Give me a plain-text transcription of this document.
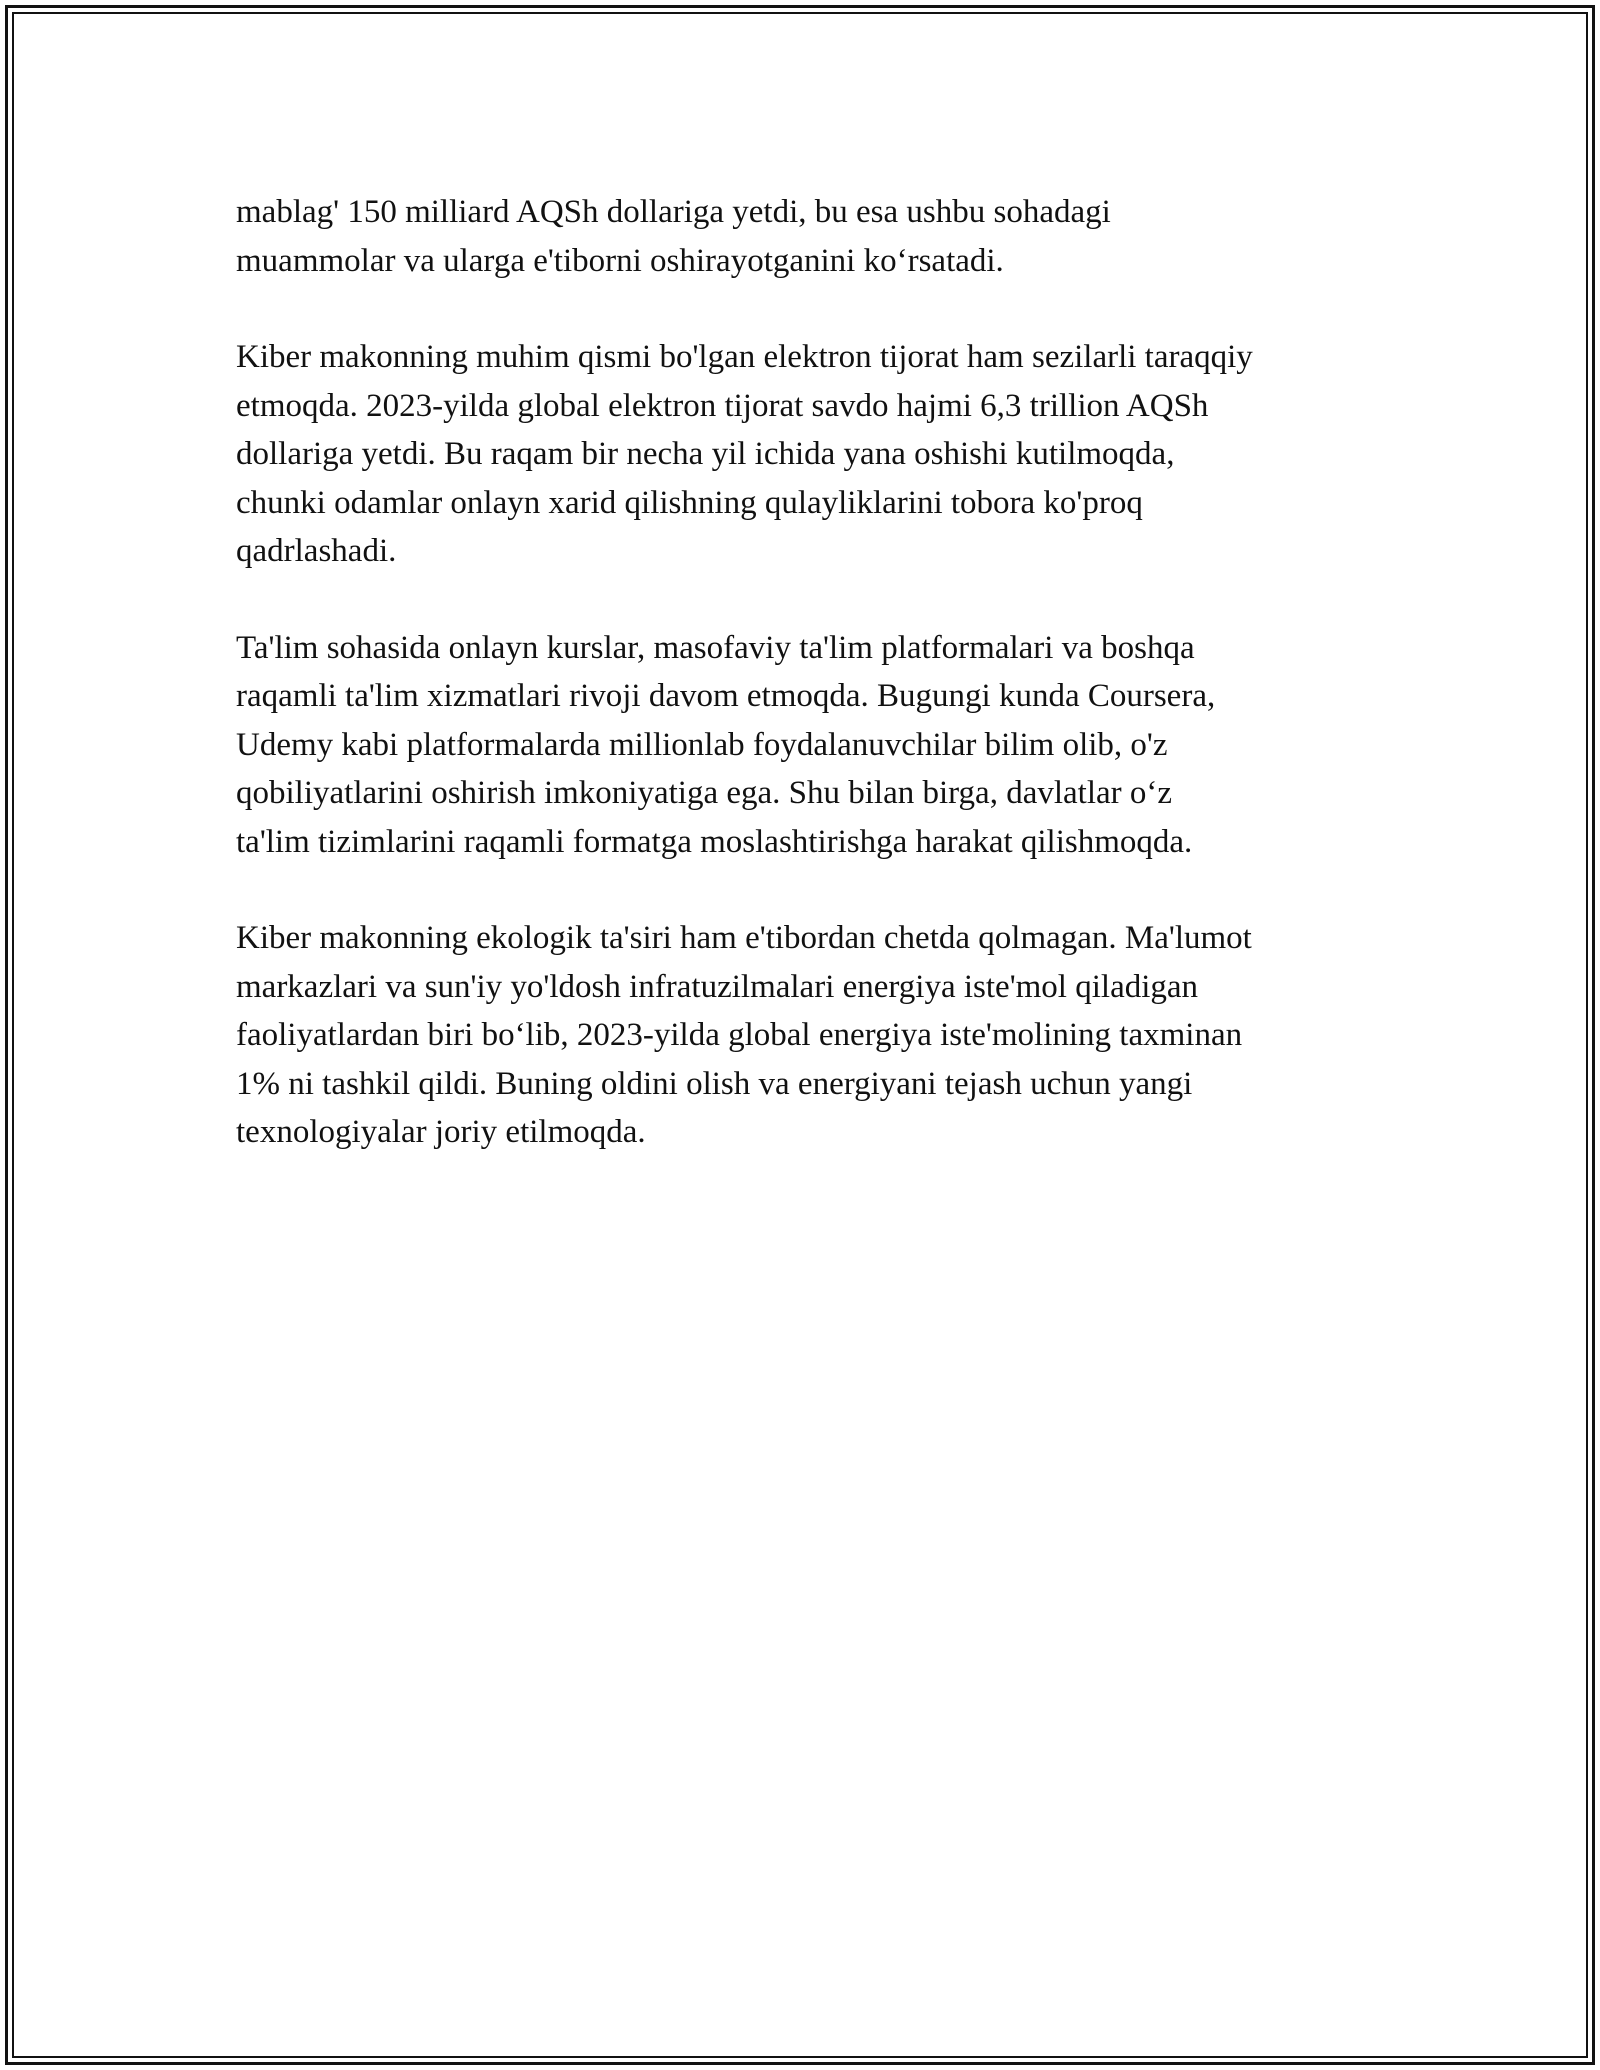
mablag' 150 milliard AQSh dollariga yetdi, bu esa ushbu sohadagi
muammolar va ularga e'tiborni oshirayotganini ko‘rsatadi.

Kiber makonning muhim qismi bo'lgan elektron tijorat ham sezilarli taraqqiy
etmoqda. 2023-yilda global elektron tijorat savdo hajmi 6,3 trillion AQSh
dollariga yetdi. Bu raqam bir necha yil ichida yana oshishi kutilmoqda,
chunki odamlar onlayn xarid qilishning qulayliklarini tobora ko'proq
qadrlashadi.

Ta'lim sohasida onlayn kurslar, masofaviy ta'lim platformalari va boshqa
raqamli ta'lim xizmatlari rivoji davom etmoqda. Bugungi kunda Coursera,
Udemy kabi platformalarda millionlab foydalanuvchilar bilim olib, o'z
qobiliyatlarini oshirish imkoniyatiga ega. Shu bilan birga, davlatlar o‘z
ta'lim tizimlarini raqamli formatga moslashtirishga harakat qilishmoqda.

Kiber makonning ekologik ta'siri ham e'tibordan chetda qolmagan. Ma'lumot
markazlari va sun'iy yo'ldosh infratuzilmalari energiya iste'mol qiladigan
faoliyatlardan biri bo‘lib, 2023-yilda global energiya iste'molining taxminan
1% ni tashkil qildi. Buning oldini olish va energiyani tejash uchun yangi
texnologiyalar joriy etilmoqda.
